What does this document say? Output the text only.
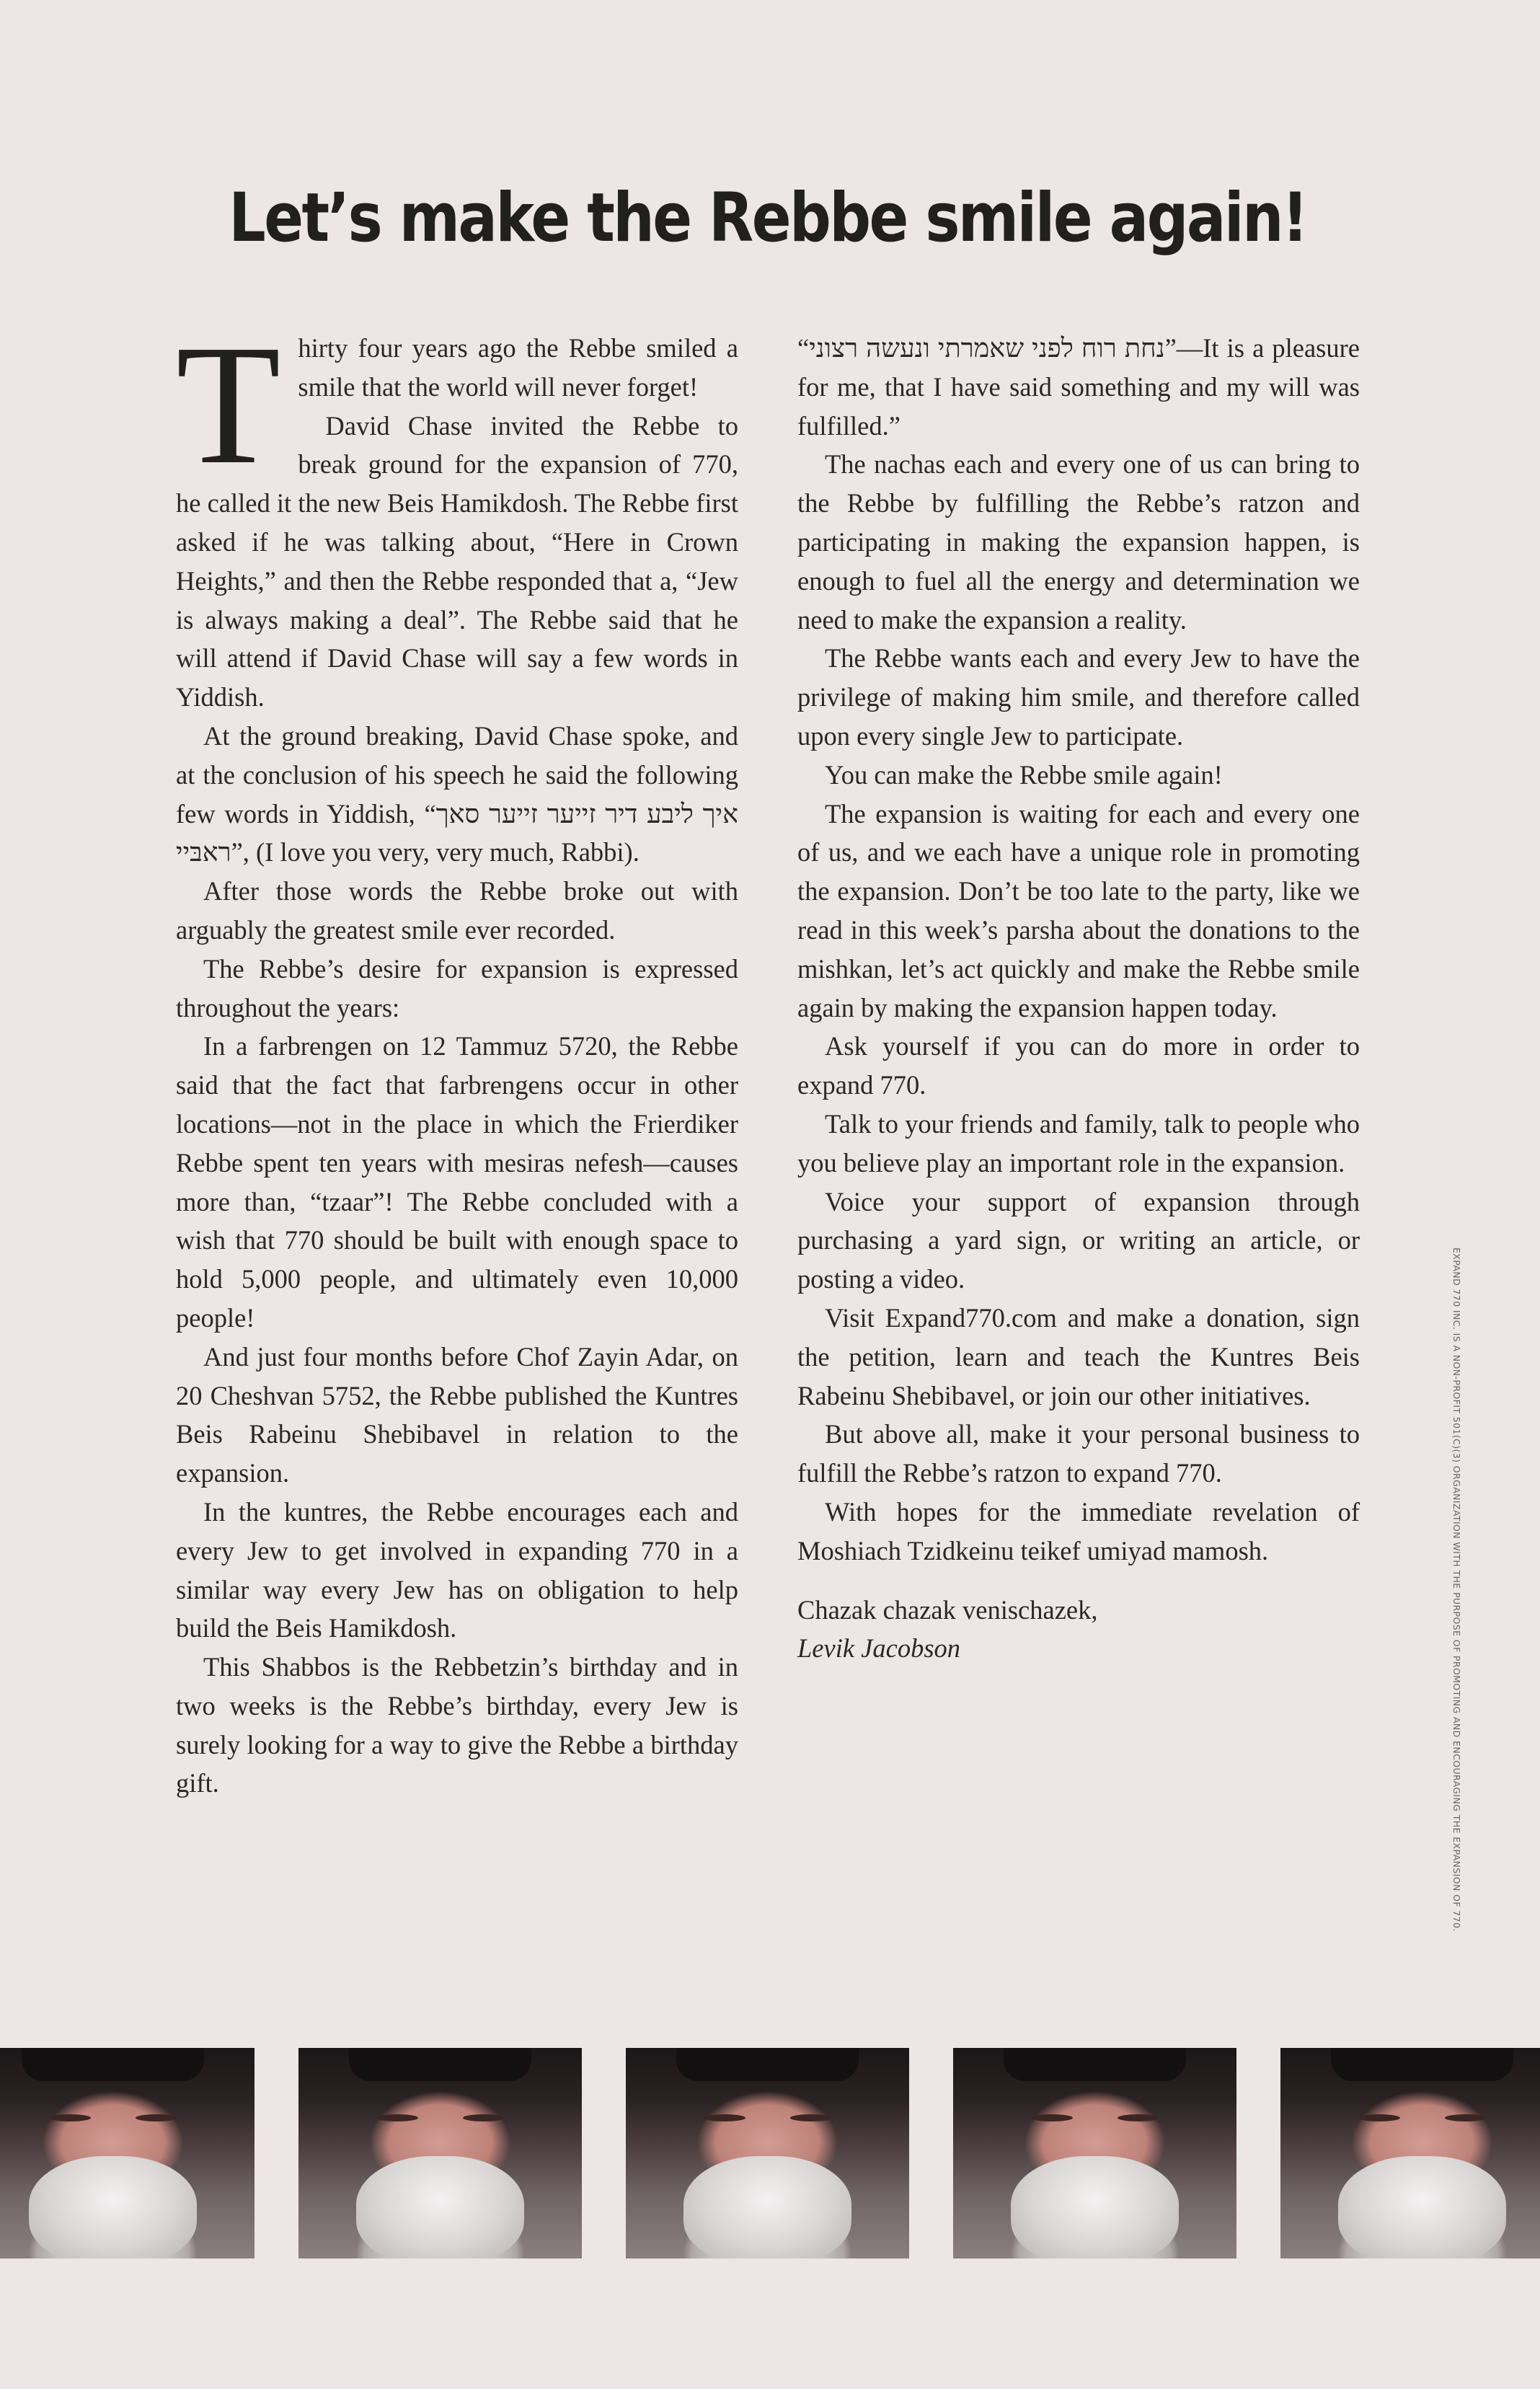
Let’s make the Rebbe smile again!
T hirty four years ago the Rebbe smiled a smile that the world will never forget!

David Chase invited the Rebbe to break ground for the expansion of 770, he called it the new Beis Hamikdosh. The Rebbe first asked if he was talking about, “Here in Crown Heights,” and then the Rebbe responded that a, “Jew is always making a deal”. The Rebbe said that he will attend if David Chase will say a few words in Yiddish.

At the ground breaking, David Chase spoke, and at the conclusion of his speech he said the following few words in Yiddish, “איך ליבע דיר זייער זייער סאך ראבּיי”, (I love you very, very much, Rabbi).

After those words the Rebbe broke out with arguably the greatest smile ever recorded.

The Rebbe’s desire for expansion is expressed throughout the years:

In a farbrengen on 12 Tammuz 5720, the Rebbe said that the fact that farbrengens occur in other locations—not in the place in which the Frierdiker Rebbe spent ten years with mesiras nefesh—causes more than, “tzaar”! The Rebbe concluded with a wish that 770 should be built with enough space to hold 5,000 people, and ultimately even 10,000 people!

And just four months before Chof Zayin Adar, on 20 Cheshvan 5752, the Rebbe published the Kuntres Beis Rabeinu Shebibavel in relation to the expansion.

In the kuntres, the Rebbe encourages each and every Jew to get involved in expanding 770 in a similar way every Jew has on obligation to help build the Beis Hamikdosh.

This Shabbos is the Rebbetzin’s birthday and in two weeks is the Rebbe’s birthday, every Jew is surely looking for a way to give the Rebbe a birthday gift.

“נחת רוח לפני שאמרתי ונעשה רצוני”—It is a pleasure for me, that I have said something and my will was fulfilled.”

The nachas each and every one of us can bring to the Rebbe by fulfilling the Rebbe’s ratzon and participating in making the expansion happen, is enough to fuel all the energy and determination we need to make the expansion a reality.

The Rebbe wants each and every Jew to have the privilege of making him smile, and therefore called upon every single Jew to participate.

You can make the Rebbe smile again!

The expansion is waiting for each and every one of us, and we each have a unique role in promoting the expansion. Don’t be too late to the party, like we read in this week’s parsha about the donations to the mishkan, let’s act quickly and make the Rebbe smile again by making the expansion happen today.

Ask yourself if you can do more in order to expand 770.

Talk to your friends and family, talk to people who you believe play an important role in the expansion.

Voice your support of expansion through purchasing a yard sign, or writing an article, or posting a video.

Visit Expand770.com and make a donation, sign the petition, learn and teach the Kuntres Beis Rabeinu Shebibavel, or join our other initiatives.

But above all, make it your personal business to fulfill the Rebbe’s ratzon to expand 770.

With hopes for the immediate revelation of Moshiach Tzidkeinu teikef umiyad mamosh.

Chazak chazak venischazek,

Levik Jacobson	EXPAND 770 INC. IS A NON-PROFIT 501(C)(3) ORGANIZATION WITH THE PURPOSE OF PROMOTING AND ENCOURAGING THE EXPANSION OF 770.
